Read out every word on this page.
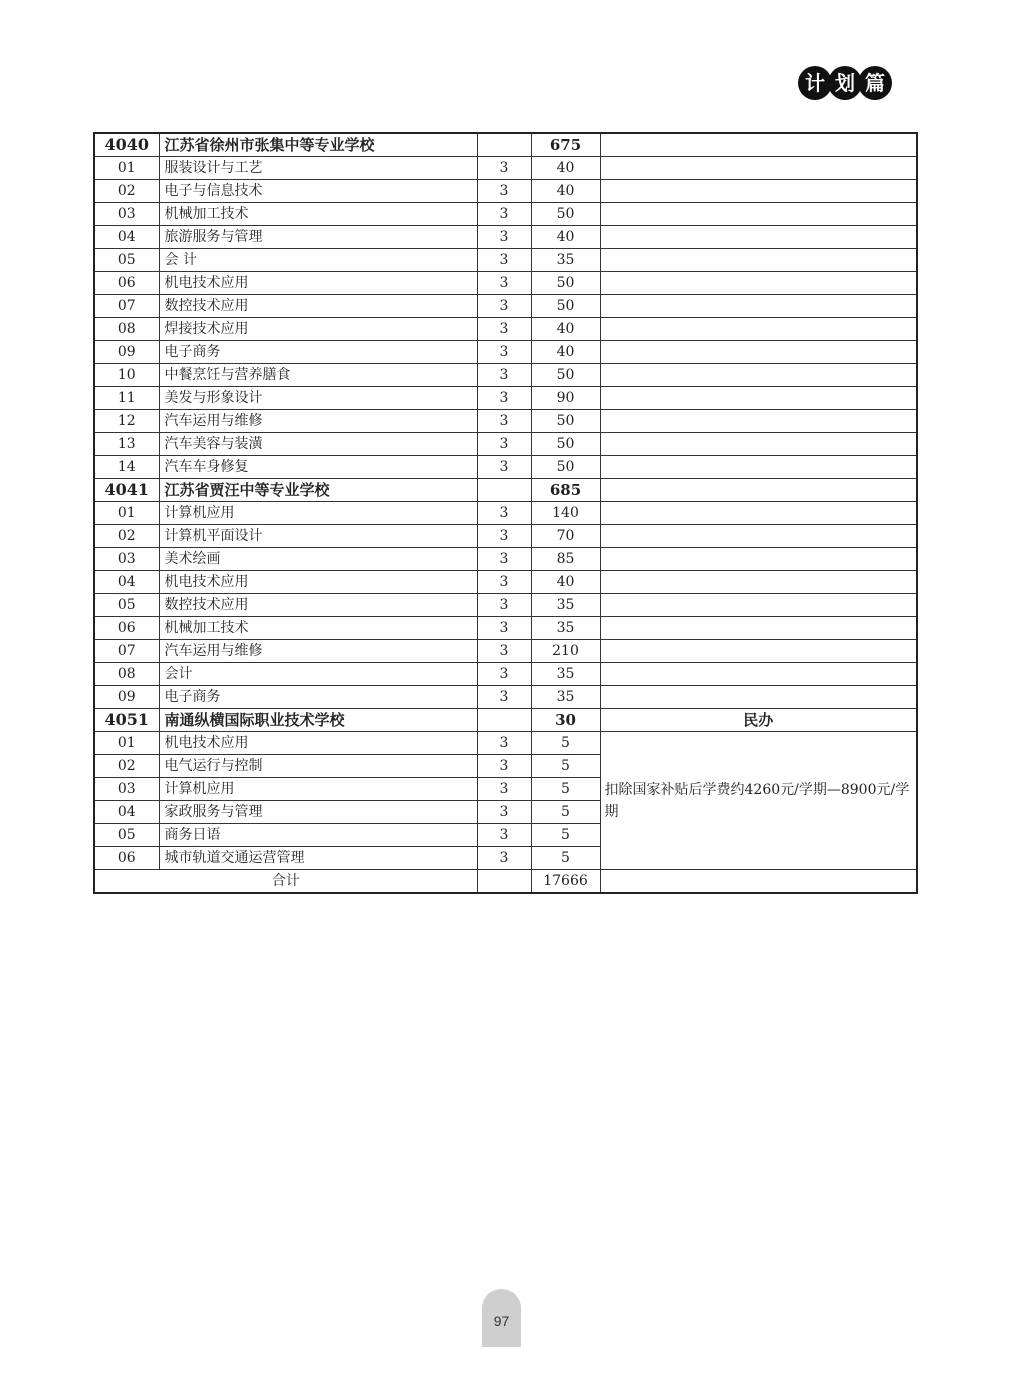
计 划 篇
4040	江苏省徐州市张集中等专业学校		675	
01	服装设计与工艺	3	40	
02	电子与信息技术	3	40	
03	机械加工技术	3	50	
04	旅游服务与管理	3	40	
05	会 计	3	35	
06	机电技术应用	3	50	
07	数控技术应用	3	50	
08	焊接技术应用	3	40	
09	电子商务	3	40	
10	中餐烹饪与营养膳食	3	50	
11	美发与形象设计	3	90	
12	汽车运用与维修	3	50	
13	汽车美容与装潢	3	50	
14	汽车车身修复	3	50	
4041	江苏省贾汪中等专业学校		685	
01	计算机应用	3	140	
02	计算机平面设计	3	70	
03	美术绘画	3	85	
04	机电技术应用	3	40	
05	数控技术应用	3	35	
06	机械加工技术	3	35	
07	汽车运用与维修	3	210	
08	会计	3	35	
09	电子商务	3	35	
4051	南通纵横国际职业技术学校		30	民办
01	机电技术应用	3	5	扣除国家补贴后学费约4260元/学期—8900元/学期
02	电气运行与控制	3	5	
03	计算机应用	3	5	
04	家政服务与管理	3	5	
05	商务日语	3	5	
06	城市轨道交通运营管理	3	5	
合计			17666	
97
